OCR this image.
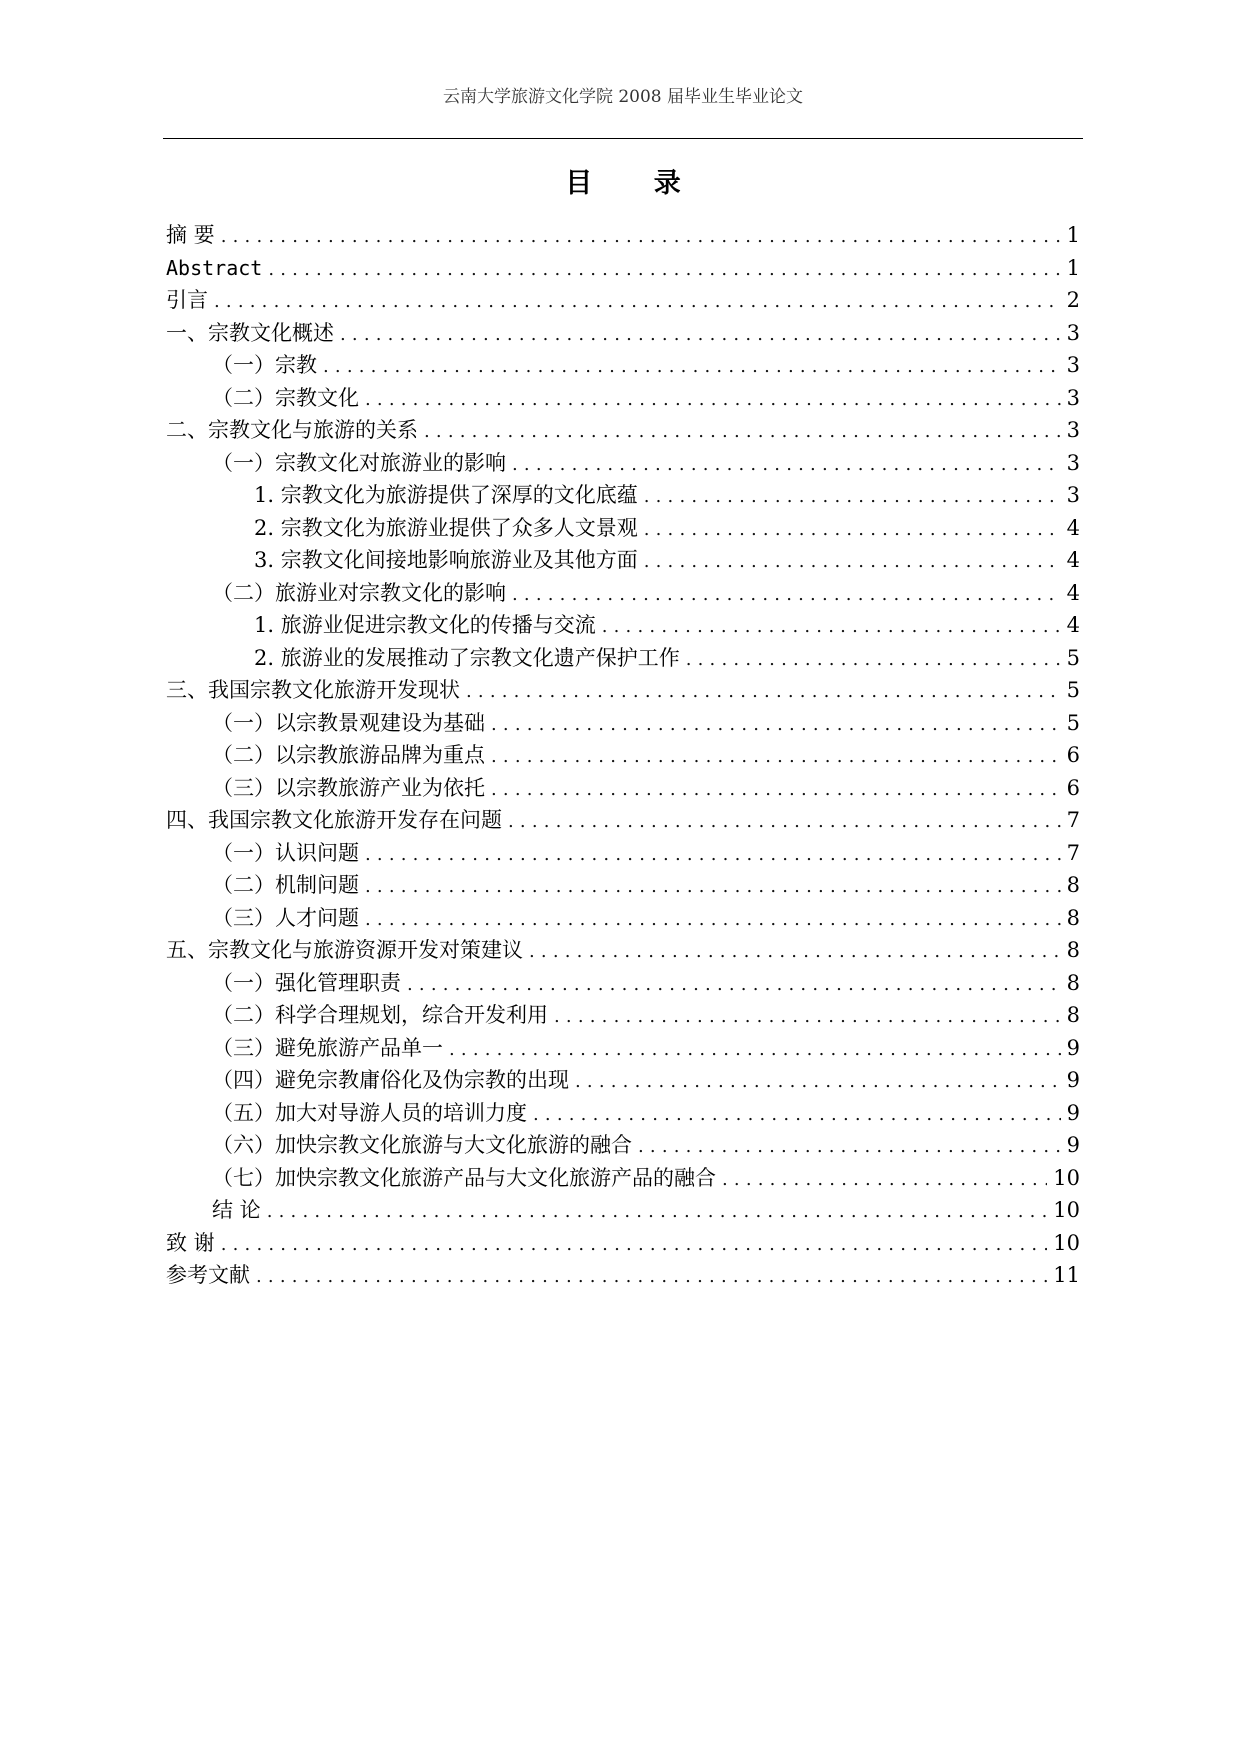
云南大学旅游文化学院 2008 届毕业生毕业论文
目 录
摘 要 .....	1
Abstract .....	1
引言 .....	2
一、宗教文化概述 .....	3
（一）宗教 .....	3
（二）宗教文化 .....	3
二、宗教文化与旅游的关系 .....	3
（一）宗教文化对旅游业的影响 .....	3
1. 宗教文化为旅游提供了深厚的文化底蕴 .....	3
2. 宗教文化为旅游业提供了众多人文景观 .....	4
3. 宗教文化间接地影响旅游业及其他方面 .....	4
（二）旅游业对宗教文化的影响 .....	4
1. 旅游业促进宗教文化的传播与交流 .....	4
2. 旅游业的发展推动了宗教文化遗产保护工作 .....	5
三、我国宗教文化旅游开发现状 .....	5
（一）以宗教景观建设为基础 .....	5
（二）以宗教旅游品牌为重点 .....	6
（三）以宗教旅游产业为依托 .....	6
四、我国宗教文化旅游开发存在问题 .....	7
（一）认识问题 .....	7
（二）机制问题 .....	8
（三）人才问题 .....	8
五、宗教文化与旅游资源开发对策建议 .....	8
（一）强化管理职责 .....	8
（二）科学合理规划，综合开发利用 .....	8
（三）避免旅游产品单一 .....	9
（四）避免宗教庸俗化及伪宗教的出现 .....	9
（五）加大对导游人员的培训力度 .....	9
（六）加快宗教文化旅游与大文化旅游的融合 .....	9
（七）加快宗教文化旅游产品与大文化旅游产品的融合 .....	10
结 论 .....	10
致 谢 .....	10
参考文献 .....	11
